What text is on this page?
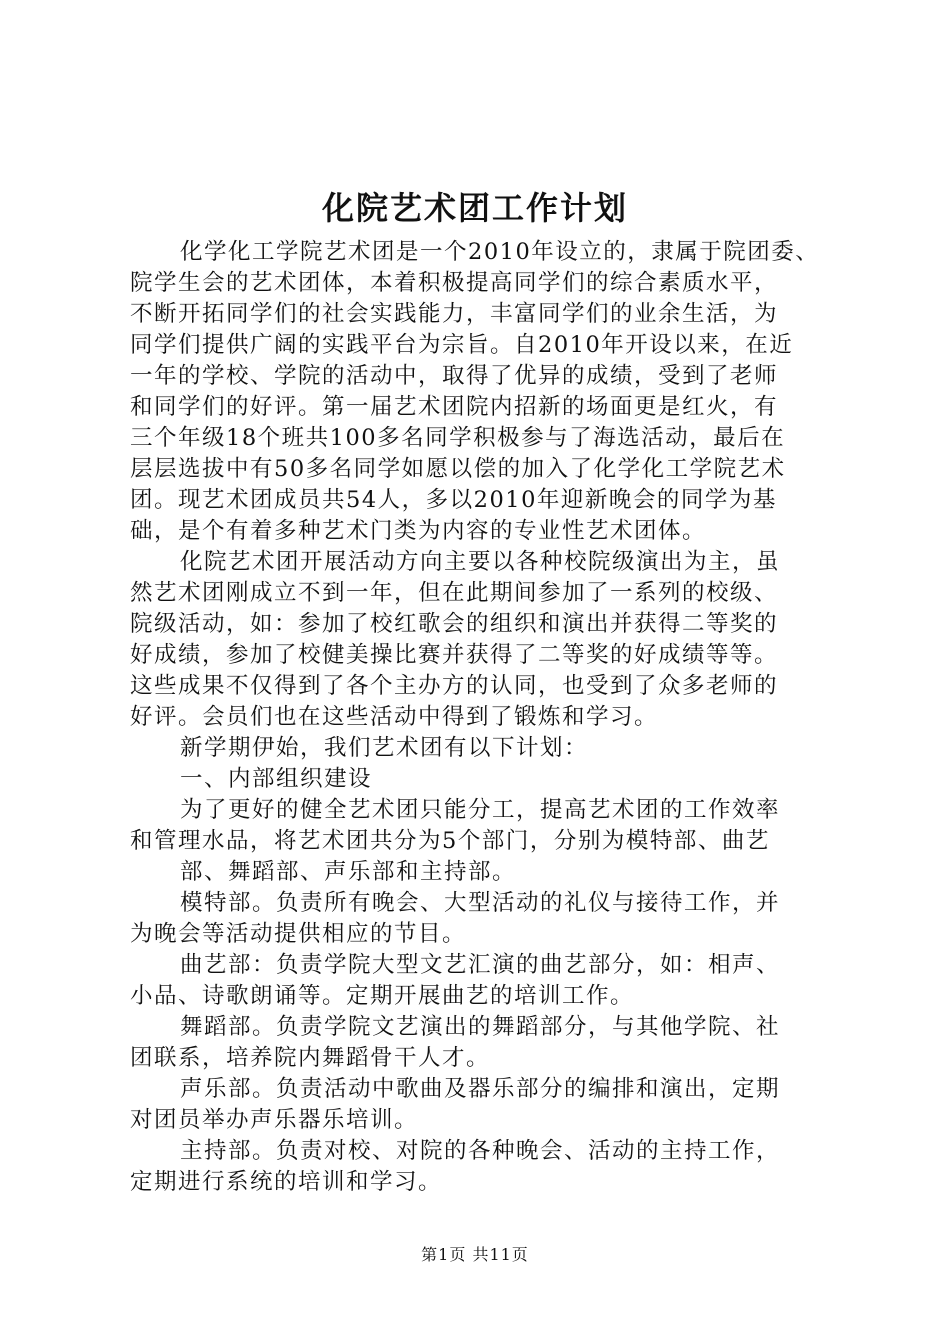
化院艺术团工作计划
化学化工学院艺术团是一个2010年设立的，隶属于院团委、
院学生会的艺术团体，本着积极提高同学们的综合素质水平，
不断开拓同学们的社会实践能力，丰富同学们的业余生活，为
同学们提供广阔的实践平台为宗旨。自2010年开设以来，在近
一年的学校、学院的活动中，取得了优异的成绩，受到了老师
和同学们的好评。第一届艺术团院内招新的场面更是红火，有
三个年级18个班共100多名同学积极参与了海选活动，最后在
层层选拔中有50多名同学如愿以偿的加入了化学化工学院艺术
团。现艺术团成员共54人，多以2010年迎新晚会的同学为基
础，是个有着多种艺术门类为内容的专业性艺术团体。
化院艺术团开展活动方向主要以各种校院级演出为主，虽
然艺术团刚成立不到一年，但在此期间参加了一系列的校级、
院级活动，如：参加了校红歌会的组织和演出并获得二等奖的
好成绩，参加了校健美操比赛并获得了二等奖的好成绩等等。
这些成果不仅得到了各个主办方的认同，也受到了众多老师的
好评。会员们也在这些活动中得到了锻炼和学习。
新学期伊始，我们艺术团有以下计划：
一、内部组织建设
为了更好的健全艺术团只能分工，提高艺术团的工作效率
和管理水品，将艺术团共分为5个部门，分别为模特部、曲艺
部、舞蹈部、声乐部和主持部。
模特部。负责所有晚会、大型活动的礼仪与接待工作，并
为晚会等活动提供相应的节目。
曲艺部：负责学院大型文艺汇演的曲艺部分，如：相声、
小品、诗歌朗诵等。定期开展曲艺的培训工作。
舞蹈部。负责学院文艺演出的舞蹈部分，与其他学院、社
团联系，培养院内舞蹈骨干人才。
声乐部。负责活动中歌曲及器乐部分的编排和演出，定期
对团员举办声乐器乐培训。
主持部。负责对校、对院的各种晚会、活动的主持工作，
定期进行系统的培训和学习。
第1页 共11页
